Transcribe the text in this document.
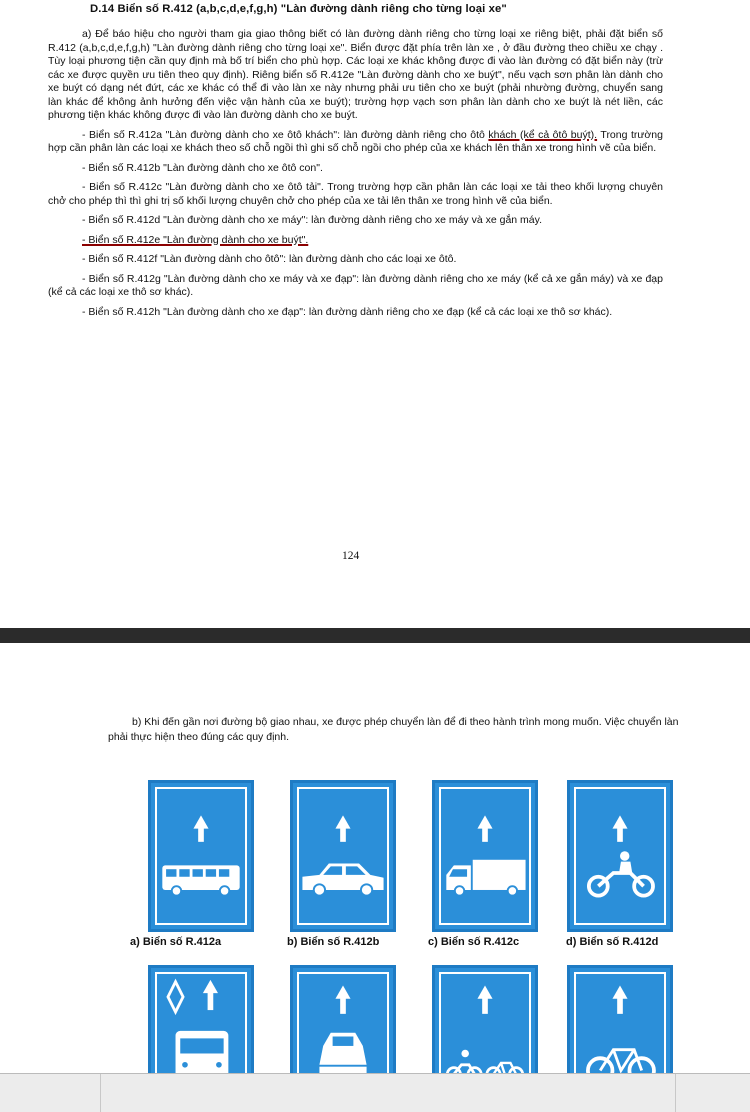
D.14 Biển số R.412 (a,b,c,d,e,f,g,h) "Làn đường dành riêng cho từng loại xe"

a) Để báo hiệu cho người tham gia giao thông biết có làn đường dành riêng cho từng loại xe riêng biệt, phải đặt biển số R.412 (a,b,c,d,e,f,g,h) "Làn đường dành riêng cho từng loại xe". Biển được đặt phía trên làn xe , ở đầu đường theo chiều xe chạy . Tùy loại phương tiện cần quy định mà bố trí biển cho phù hợp. Các loại xe khác không được đi vào làn đường có đặt biển này (trừ các xe được quyền ưu tiên theo quy định). Riêng biển số R.412e "Làn đường dành cho xe buýt", nếu vạch sơn phân làn dành cho xe buýt có dạng nét đứt, các xe khác có thể đi vào làn xe này nhưng phải ưu tiên cho xe buýt (phải nhường đường, chuyển sang làn khác để không ảnh hưởng đến việc vận hành của xe buýt); trường hợp vạch sơn phân làn dành cho xe buýt là nét liền, các phương tiện khác không được đi vào làn đường dành cho xe buýt.

- Biển số R.412a "Làn đường dành cho xe ôtô khách": làn đường dành riêng cho ôtô khách (kể cả ôtô buýt). Trong trường hợp cần phân làn các loại xe khách theo số chỗ ngồi thì ghi số chỗ ngồi cho phép của xe khách lên thân xe trong hình vẽ của biển.

- Biển số R.412b "Làn đường dành cho xe ôtô con".

- Biển số R.412c "Làn đường dành cho xe ôtô tải". Trong trường hợp cần phân làn các loại xe tải theo khối lượng chuyên chở cho phép thì thì ghi trị số khối lượng chuyên chở cho phép của xe tải lên thân xe trong hình vẽ của biển.

- Biển số R.412d "Làn đường dành cho xe máy": làn đường dành riêng cho xe máy và xe gắn máy.

- Biển số R.412e "Làn đường dành cho xe buýt".

- Biển số R.412f "Làn đường dành cho ôtô": làn đường dành cho các loại xe ôtô.

- Biển số R.412g "Làn đường dành cho xe máy và xe đạp": làn đường dành riêng cho xe máy (kể cả xe gắn máy) và xe đạp (kể cả các loại xe thô sơ khác).

- Biển số R.412h "Làn đường dành cho xe đạp": làn đường dành riêng cho xe đạp (kể cả các loại xe thô sơ khác).

124

b) Khi đến gần nơi đường bộ giao nhau, xe được phép chuyển làn để đi theo hành trình mong muốn. Việc chuyển làn phải thực hiện theo đúng các quy định.

a) Biển số R.412a	b) Biển số R.412b	c) Biển số R.412c	d) Biển số R.412d
